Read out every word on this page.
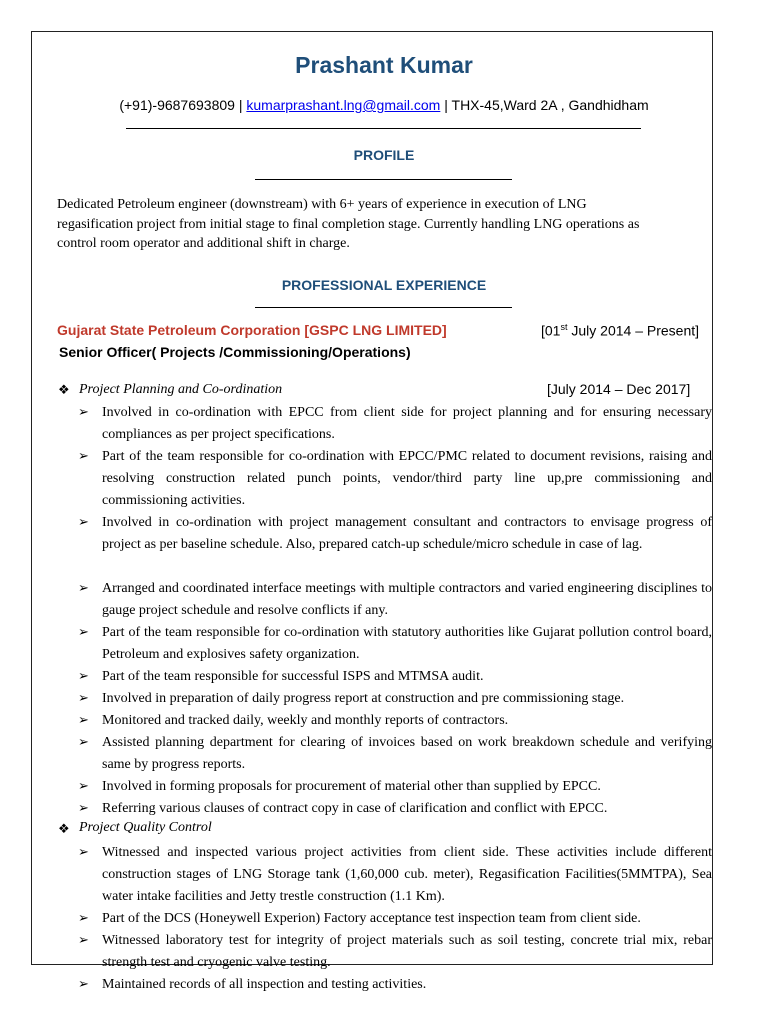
Prashant Kumar
(+91)-9687693809 | kumarprashant.lng@gmail.com | THX-45,Ward 2A , Gandhidham
PROFILE
Dedicated Petroleum engineer (downstream) with 6+ years of experience in execution of LNG regasification project from initial stage to final completion stage. Currently handling LNG operations as control room operator and additional shift in charge.
PROFESSIONAL EXPERIENCE
Gujarat State Petroleum Corporation [GSPC LNG LIMITED]	[01st July 2014 – Present]
Senior Officer( Projects /Commissioning/Operations)
❖ Project Planning and Co-ordination	[July 2014 – Dec 2017]
➢ Involved in co-ordination with EPCC from client side for project planning and for ensuring necessary compliances as per project specifications.
➢ Part of the team responsible for co-ordination with EPCC/PMC related to document revisions, raising and resolving construction related punch points, vendor/third party line up,pre commissioning and commissioning activities.
➢ Involved in co-ordination with project management consultant and contractors to envisage progress of project as per baseline schedule. Also, prepared catch-up schedule/micro schedule in case of lag.
➢ Arranged and coordinated interface meetings with multiple contractors and varied engineering disciplines to gauge project schedule and resolve conflicts if any.
➢ Part of the team responsible for co-ordination with statutory authorities like Gujarat pollution control board, Petroleum and explosives safety organization.
➢ Part of the team responsible for successful ISPS and MTMSA audit.
➢ Involved in preparation of daily progress report at construction and pre commissioning stage.
➢ Monitored and tracked daily, weekly and monthly reports of contractors.
➢ Assisted planning department for clearing of invoices based on work breakdown schedule and verifying same by progress reports.
➢ Involved in forming proposals for procurement of material other than supplied by EPCC.
➢ Referring various clauses of contract copy in case of clarification and conflict with EPCC.
❖ Project Quality Control
➢ Witnessed and inspected various project activities from client side. These activities include different construction stages of LNG Storage tank (1,60,000 cub. meter), Regasification Facilities(5MMTPA), Sea water intake facilities and Jetty trestle construction (1.1 Km).
➢ Part of the DCS (Honeywell Experion) Factory acceptance test inspection team from client side.
➢ Witnessed laboratory test for integrity of project materials such as soil testing, concrete trial mix, rebar strength test and cryogenic valve testing.
➢ Maintained records of all inspection and testing activities.
